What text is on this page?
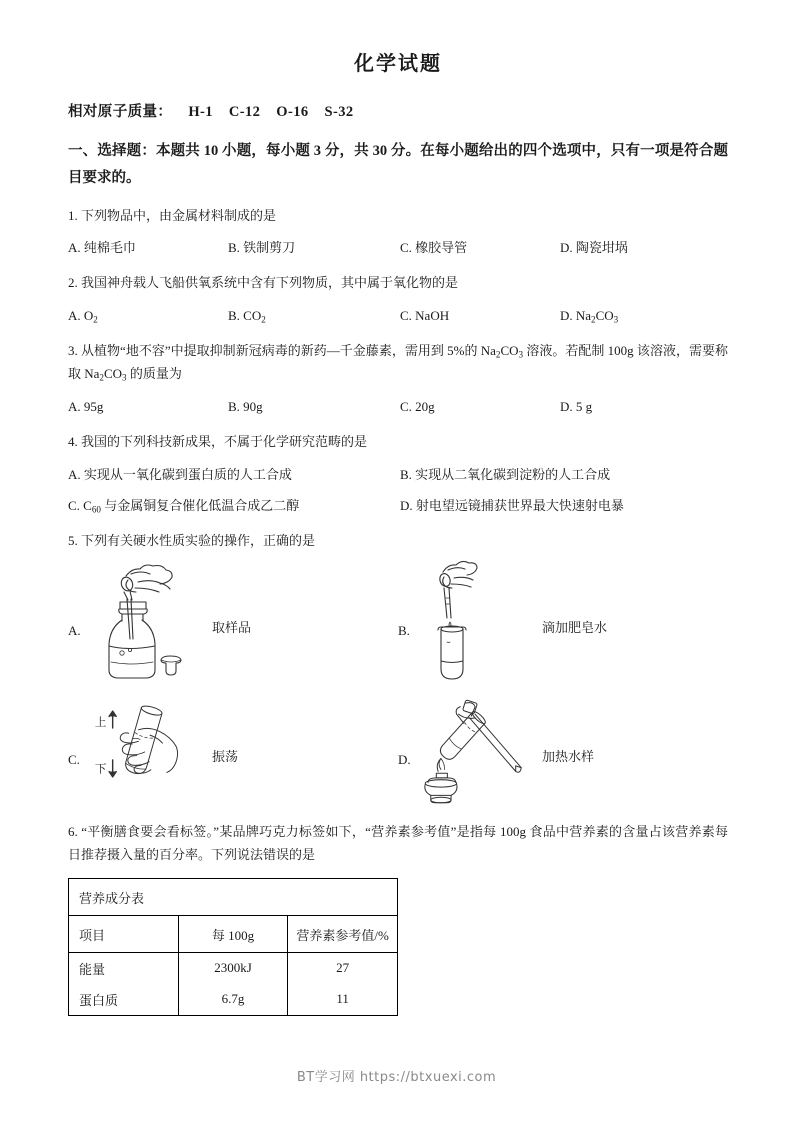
化学试题
相对原子质量： H-1 C-12 O-16 S-32
一、选择题：本题共 10 小题，每小题 3 分，共 30 分。在每小题给出的四个选项中，只有一项是符合题目要求的。
1. 下列物品中，由金属材料制成的是
A. 纯棉毛巾	B. 铁制剪刀	C. 橡胶导管	D. 陶瓷坩埚
2. 我国神舟载人飞船供氧系统中含有下列物质，其中属于氧化物的是
A. $O_2$	B. $CO_2$	C. NaOH	D. $Na_2CO_3$
3. 从植物“地不容”中提取抑制新冠病毒的新药—千金藤素，需用到 5%的 $Na_2CO_3$ 溶液。若配制 100g 该溶液，需要称取 $Na_2CO_3$ 的质量为
A. 95g	B. 90g	C. 20g	D. 5 g
4. 我国的下列科技新成果，不属于化学研究范畴的是
A. 实现从一氧化碳到蛋白质的人工合成	B. 实现从二氧化碳到淀粉的人工合成
C. $C_{60}$ 与金属铜复合催化低温合成乙二醇	D. 射电望远镜捕获世界最大快速射电暴
5. 下列有关硬水性质实验的操作，正确的是
A.	取样品	B.	滴加肥皂水
C.
上
下
振荡	D.	加热水样
6. “平衡膳食要会看标签。”某品牌巧克力标签如下，“营养素参考值”是指每 100g 食品中营养素的含量占该营养素每日推荐摄入量的百分率。下列说法错误的是
营养成分表		
项目	每 100g	营养素参考值/%
能量	2300kJ	27
蛋白质	6.7g	11
BT学习网 https://btxuexi.com
